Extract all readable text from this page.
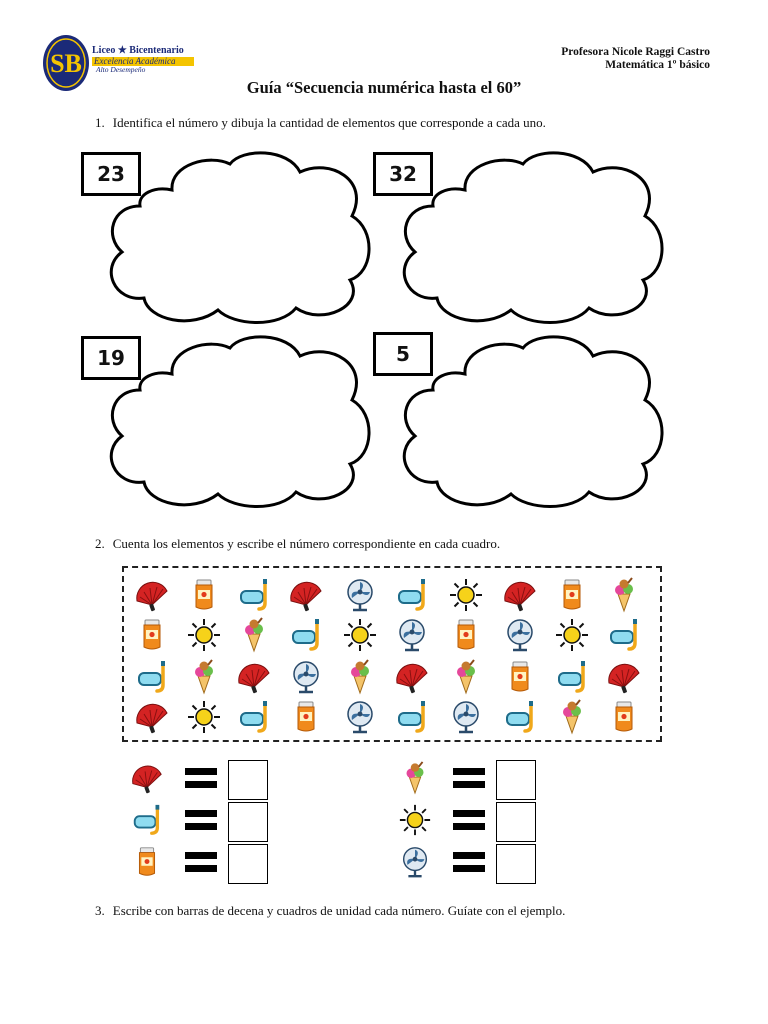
SB Liceo ★ Bicentenario
Excelencia Académica
Alto Desempeño
Profesora Nicole Raggi Castro
Matemática 1º básico
Guía “Secuencia numérica hasta el 60”
1. Identifica el número y dibuja la cantidad de elementos que corresponde a cada uno.
23	32
19	5
2. Cuenta los elementos y escribe el número correspondiente en cada cuadro.
3. Escribe con barras de decena y cuadros de unidad cada número. Guíate con el ejemplo.
